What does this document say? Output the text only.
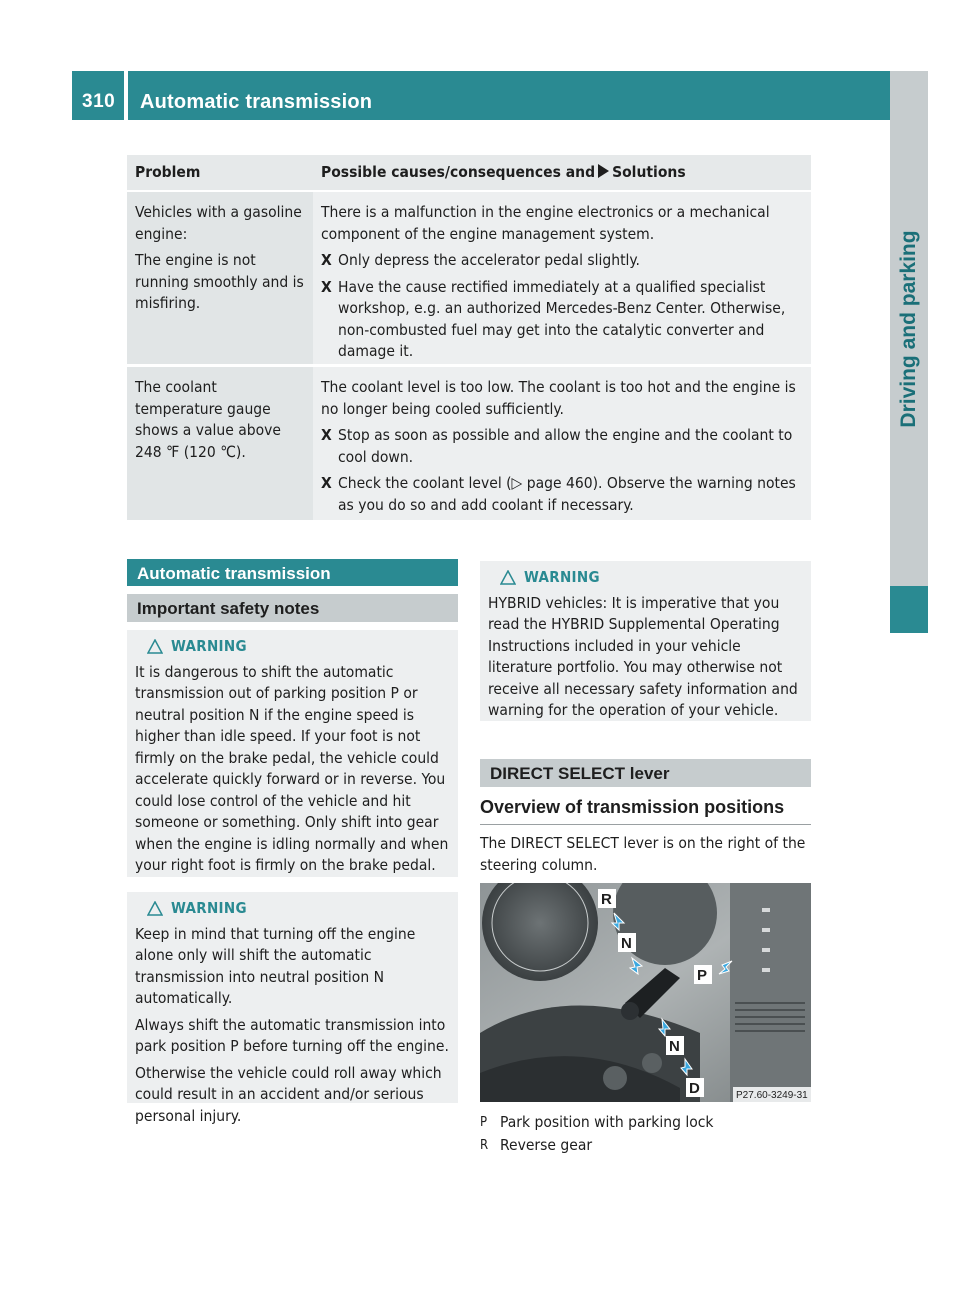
310 Automatic transmission
Driving and parking
Problem	Possible causes/consequences and Solutions

Vehicles with a gasoline engine:

The engine is not running smoothly and is misfiring.

There is a malfunction in the engine electronics or a mechanical component of the engine management system.

X Only depress the accelerator pedal slightly.
X Have the cause rectified immediately at a qualified specialist workshop, e.g. an authorized Mercedes-Benz Center. Otherwise, non-combusted fuel may get into the catalytic converter and damage it.

The coolant temperature gauge shows a value above 248 ℉ (120 ℃).

The coolant level is too low. The coolant is too hot and the engine is no longer being cooled sufficiently.

X Stop as soon as possible and allow the engine and the coolant to cool down.
X Check the coolant level (▷ page 460). Observe the warning notes as you do so and add coolant if necessary.
Automatic transmission
Important safety notes
WARNING

It is dangerous to shift the automatic transmission out of parking position P or neutral position N if the engine speed is higher than idle speed. If your foot is not firmly on the brake pedal, the vehicle could accelerate quickly forward or in reverse. You could lose control of the vehicle and hit someone or something. Only shift into gear when the engine is idling normally and when your right foot is firmly on the brake pedal.

WARNING

Keep in mind that turning off the engine alone only will shift the automatic transmission into neutral position N automatically.

Always shift the automatic transmission into park position P before turning off the engine.

Otherwise the vehicle could roll away which could result in an accident and/or serious personal injury.

WARNING

HYBRID vehicles: It is imperative that you read the HYBRID Supplemental Operating Instructions included in your vehicle literature portfolio. You may otherwise not receive all necessary safety information and warning for the operation of your vehicle.

DIRECT SELECT lever
Overview of transmission positions
The DIRECT SELECT lever is on the right of the steering column.
R
N
P
N
D	P27.60-3249-31
P Park position with parking lock
R Reverse gear
